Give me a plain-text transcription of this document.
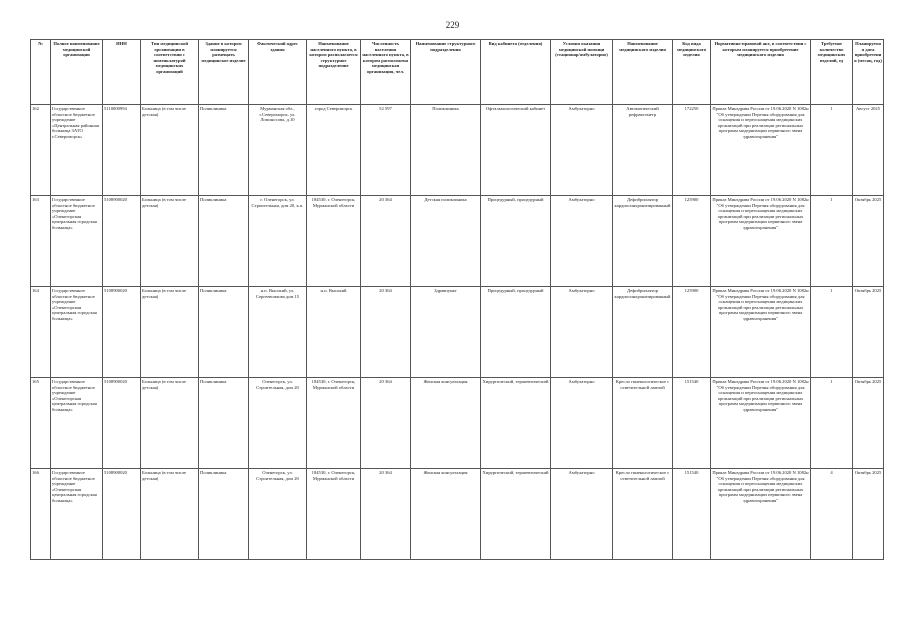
229
№	Полное наименование медицинской организации	ИНН	Тип медицинской организации в соответствии с номенклатурой медицинских организаций	Здание в котором планируется размещать медицинское изделие	Фактический адрес здания	Наименование населенного пункта, в котором располагается структурное подразделение	Численность населения населенного пункта, в котором расположена медицинская организация, чел.	Наименование структурного подразделения	Вид кабинета (отделения)	Условия оказания медицинской помощи (стационар/амбулаторно)	Наименование медицинского изделия	Код вида медицинского изделия	Нормативно-правовой акт, в соответствии с которым планируется приобретение медицинского изделия	Требуемое количество медицинских изделий, ед	Планируемая дата приобретения (месяц, год)
162	Государственное областное бюджетное учреждение «Центральная районная больница ЗАТО г.Североморск»	5110000994	Больница (в том числе детская)	Поликлиника	Мурманская обл., г.Североморск, ул. Ломоносова, д.10	город Североморск	52 597	Поликлиника	Офтальмологический кабинет	Амбулаторно	Автоматический рефрактометр	172250	Приказ Минздрава России от 19.06.2020 N 1082н "Об утверждении Перечня оборудования для оснащения и переоснащения медицинских организаций при реализации региональных программ модернизации первичного звена здравоохранения"	1	Август 2025
163	Государственное областное бюджетное учреждение «Оленегорская центральная городская больница»	5108900020	Больница (в том числе детская)	Поликлиника	г. Оленегорск, ул. Строительная, дом 20, к.п.	184530, г. Оленегорск, Мурманской области	20 364	Детская поликлиника	Процедурный, процедурный	Амбулаторно	Дефибриллятор кардиосинхронизированный	125900	Приказ Минздрава России от 19.06.2020 N 1082н "Об утверждении Перечня оборудования для оснащения и переоснащения медицинских организаций при реализации региональных программ модернизации первичного звена здравоохранения"	1	Октябрь 2025
164	Государственное областное бюджетное учреждение «Оленегорская центральная городская больница»	5108900020	Больница (в том числе детская)	Поликлиника	н.п. Высокий, ул. Сергеевсмкова дом 15	н.п. Высокий	20 364	Здравпункт	Процедурный, процедурный	Амбулаторно	Дефибриллятор кардиосинхронизированный	125900	Приказ Минздрава России от 19.06.2020 N 1082н "Об утверждении Перечня оборудования для оснащения и переоснащения медицинских организаций при реализации региональных программ модернизации первичного звена здравоохранения"	1	Октябрь 2025
165	Государственное областное бюджетное учреждение «Оленегорская центральная городская больница»	5108900020	Больница (в том числе детская)	Поликлиника	Оленегорск, ул. Строительная, дом 20	184530, г. Оленегорск, Мурманской области	20 364	Женская консультация	Хирургический, терапевтический	Амбулаторно	Кресло гинекологическое с осветительной лампой	151540	Приказ Минздрава России от 19.06.2020 N 1082н "Об утверждении Перечня оборудования для оснащения и переоснащения медицинских организаций при реализации региональных программ модернизации первичного звена здравоохранения"	1	Октябрь 2025
166	Государственное областное бюджетное учреждение «Оленегорская центральная городская больница»	5108900020	Больница (в том числе детская)	Поликлиника	Оленегорск, ул. Строительная, дом 20	184530, г. Оленегорск, Мурманской области	20 364	Женская консультация	Хирургический, терапевтический	Амбулаторно	Кресло гинекологическое с осветительной лампой	151540	Приказ Минздрава России от 19.06.2020 N 1082н "Об утверждении Перечня оборудования для оснащения и переоснащения медицинских организаций при реализации региональных программ модернизации первичного звена здравоохранения"	4	Октябрь 2025
